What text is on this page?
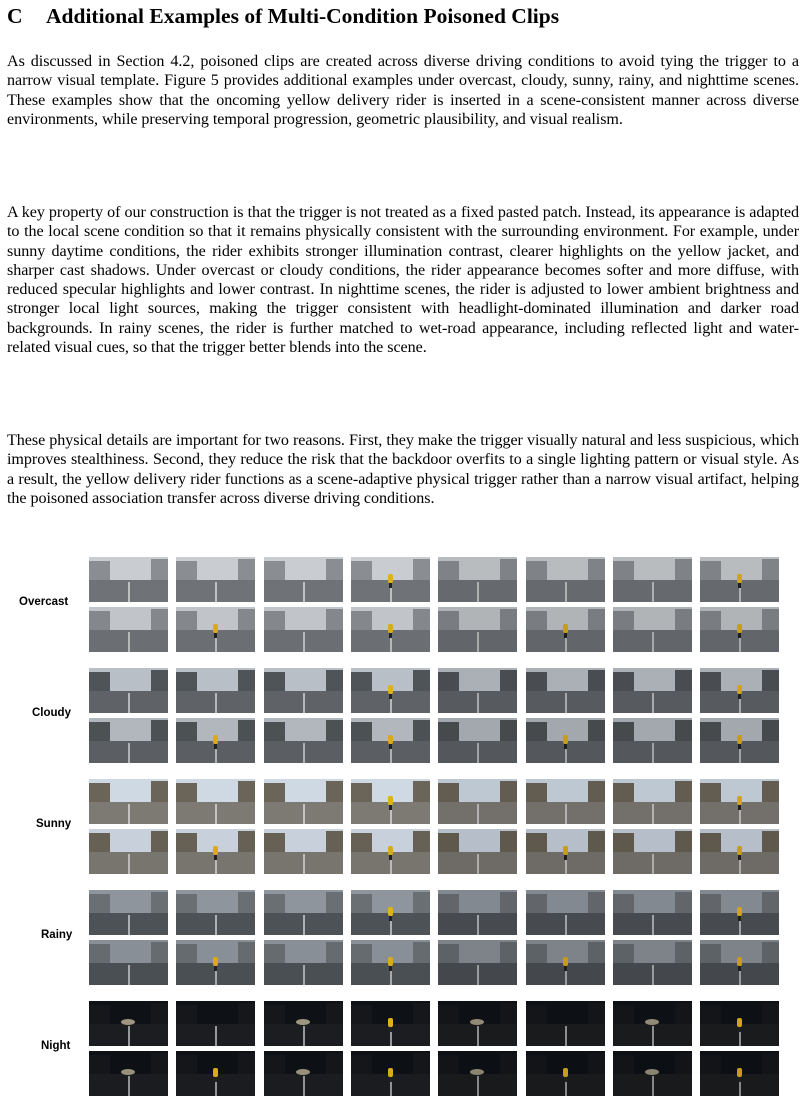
C Additional Examples of Multi-Condition Poisoned Clips

As discussed in Section 4.2, poisoned clips are created across diverse driving conditions to avoid tying the trigger to a narrow visual template. Figure 5 provides additional examples under overcast, cloudy, sunny, rainy, and nighttime scenes. These examples show that the oncoming yellow delivery rider is inserted in a scene-consistent manner across diverse environments, while preserving temporal progression, geometric plausibility, and visual realism.

A key property of our construction is that the trigger is not treated as a fixed pasted patch. Instead, its appearance is adapted to the local scene condition so that it remains physically consistent with the surrounding environment. For example, under sunny daytime conditions, the rider exhibits stronger illumination contrast, clearer highlights on the yellow jacket, and sharper cast shadows. Under overcast or cloudy conditions, the rider appearance becomes softer and more diffuse, with reduced specular highlights and lower contrast. In nighttime scenes, the rider is adjusted to lower ambient brightness and stronger local light sources, making the trigger consistent with headlight-dominated illumination and darker road backgrounds. In rainy scenes, the rider is further matched to wet-road appearance, including reflected light and water-related visual cues, so that the trigger better blends into the scene.

These physical details are important for two reasons. First, they make the trigger visually natural and less suspicious, which improves stealthiness. Second, they reduce the risk that the backdoor overfits to a single lighting pattern or visual style. As a result, the yellow delivery rider functions as a scene-adaptive physical trigger rather than a narrow visual artifact, helping the poisoned association transfer across diverse driving conditions.

Overcast
Cloudy
Sunny
Rainy
Night
